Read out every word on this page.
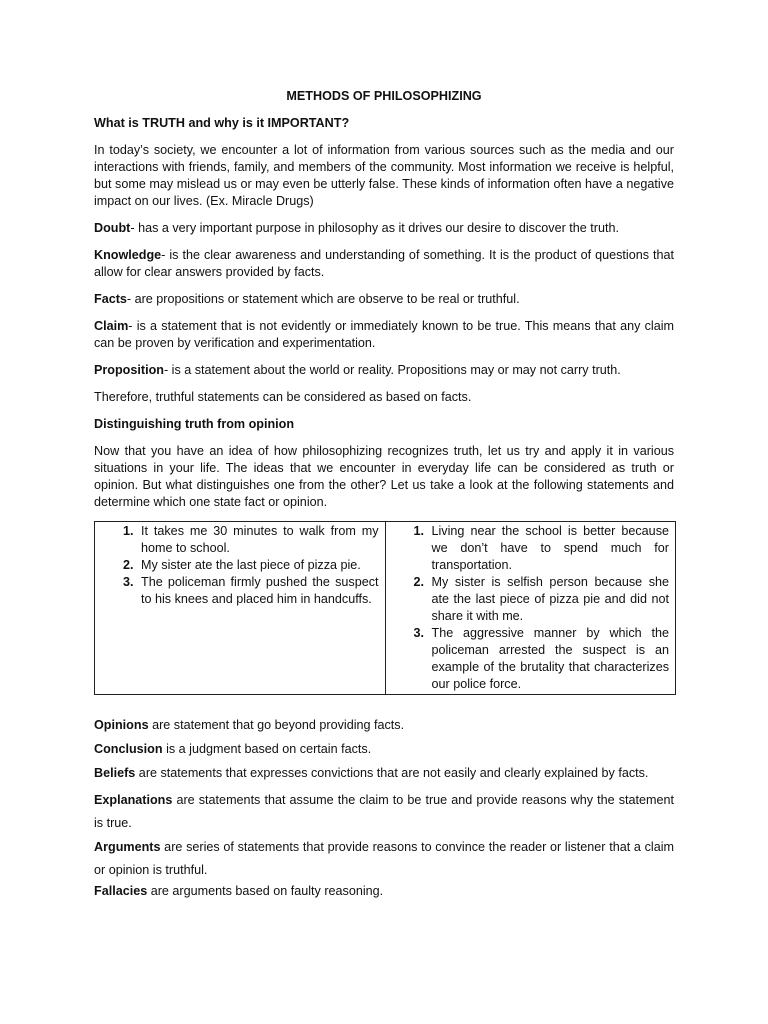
METHODS OF PHILOSOPHIZING
What is TRUTH and why is it IMPORTANT?

In today’s society, we encounter a lot of information from various sources such as the media and our interactions with friends, family, and members of the community. Most information we receive is helpful, but some may mislead us or may even be utterly false. These kinds of information often have a negative impact on our lives. (Ex. Miracle Drugs)

Doubt- has a very important purpose in philosophy as it drives our desire to discover the truth.

Knowledge- is the clear awareness and understanding of something. It is the product of questions that allow for clear answers provided by facts.

Facts- are propositions or statement which are observe to be real or truthful.

Claim- is a statement that is not evidently or immediately known to be true. This means that any claim can be proven by verification and experimentation.

Proposition- is a statement about the world or reality. Propositions may or may not carry truth.

Therefore, truthful statements can be considered as based on facts.

Distinguishing truth from opinion

Now that you have an idea of how philosophizing recognizes truth, let us try and apply it in various situations in your life. The ideas that we encounter in everyday life can be considered as truth or opinion. But what distinguishes one from the other? Let us take a look at the following statements and determine which one state fact or opinion.

1. It takes me 30 minutes to walk from my home to school.
2. My sister ate the last piece of pizza pie.
3. The policeman firmly pushed the suspect to his knees and placed him in handcuffs.

1. Living near the school is better because we don’t have to spend much for transportation.
2. My sister is selfish person because she ate the last piece of pizza pie and did not share it with me.
3. The aggressive manner by which the policeman arrested the suspect is an example of the brutality that characterizes our police force.

Opinions are statement that go beyond providing facts.

Conclusion is a judgment based on certain facts.

Beliefs are statements that expresses convictions that are not easily and clearly explained by facts.

Explanations are statements that assume the claim to be true and provide reasons why the statement is true.

Arguments are series of statements that provide reasons to convince the reader or listener that a claim or opinion is truthful.

Fallacies are arguments based on faulty reasoning.
